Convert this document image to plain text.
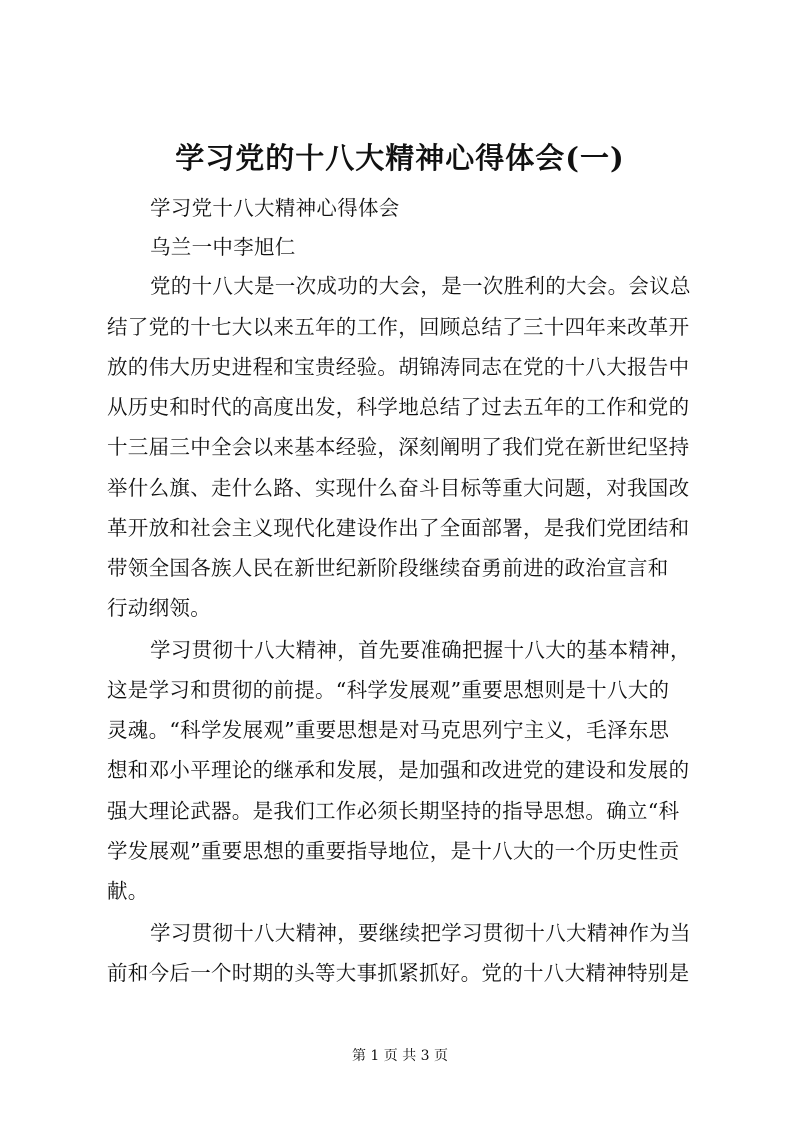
学习党的十八大精神心得体会(一)
学习党十八大精神心得体会
乌兰一中李旭仁
党的十八大是一次成功的大会，是一次胜利的大会。会议总
结了党的十七大以来五年的工作，回顾总结了三十四年来改革开
放的伟大历史进程和宝贵经验。胡锦涛同志在党的十八大报告中
从历史和时代的高度出发，科学地总结了过去五年的工作和党的
十三届三中全会以来基本经验，深刻阐明了我们党在新世纪坚持
举什么旗、走什么路、实现什么奋斗目标等重大问题，对我国改
革开放和社会主义现代化建设作出了全面部署，是我们党团结和
带领全国各族人民在新世纪新阶段继续奋勇前进的政治宣言和
行动纲领。
学习贯彻十八大精神，首先要准确把握十八大的基本精神，
这是学习和贯彻的前提。“科学发展观”重要思想则是十八大的
灵魂。“科学发展观”重要思想是对马克思列宁主义，毛泽东思
想和邓小平理论的继承和发展，是加强和改进党的建设和发展的
强大理论武器。是我们工作必须长期坚持的指导思想。确立“科
学发展观”重要思想的重要指导地位，是十八大的一个历史性贡
献。
学习贯彻十八大精神，要继续把学习贯彻十八大精神作为当
前和今后一个时期的头等大事抓紧抓好。党的十八大精神特别是
第 1 页 共 3 页
